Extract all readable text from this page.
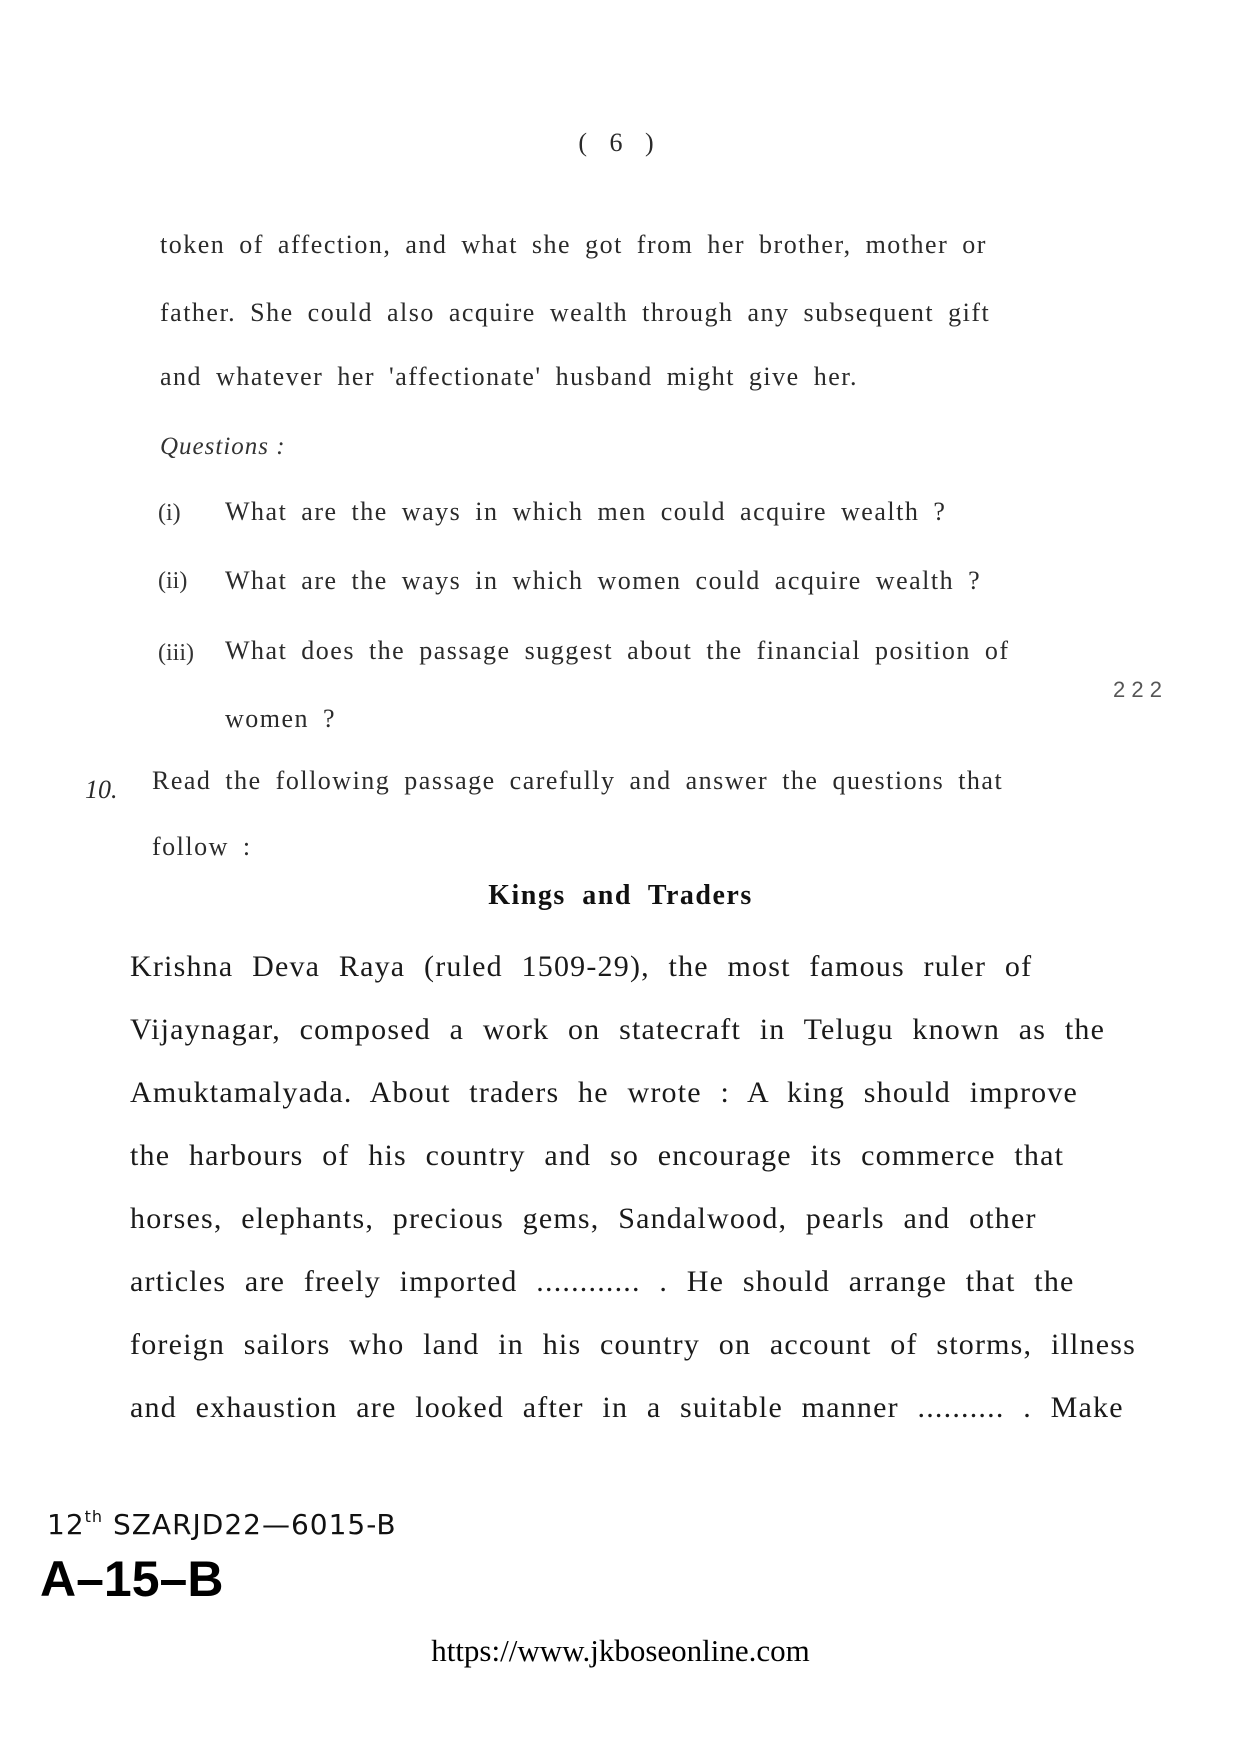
( 6 )
token of affection, and what she got from her brother, mother or
father. She could also acquire wealth through any subsequent gift
and whatever her 'affectionate' husband might give her.
Questions :
(i) What are the ways in which men could acquire wealth ?
(ii) What are the ways in which women could acquire wealth ?
(iii) What does the passage suggest about the financial position of
women ?
2 2 2
10. Read the following passage carefully and answer the questions that
follow :
Kings and Traders
Krishna Deva Raya (ruled 1509-29), the most famous ruler of
Vijaynagar, composed a work on statecraft in Telugu known as the
Amuktamalyada. About traders he wrote : A king should improve
the harbours of his country and so encourage its commerce that
horses, elephants, precious gems, Sandalwood, pearls and other
articles are freely imported ............ . He should arrange that the
foreign sailors who land in his country on account of storms, illness
and exhaustion are looked after in a suitable manner .......... . Make
12th SZARJD22—6015-B
A–15–B
https://www.jkboseonline.com
